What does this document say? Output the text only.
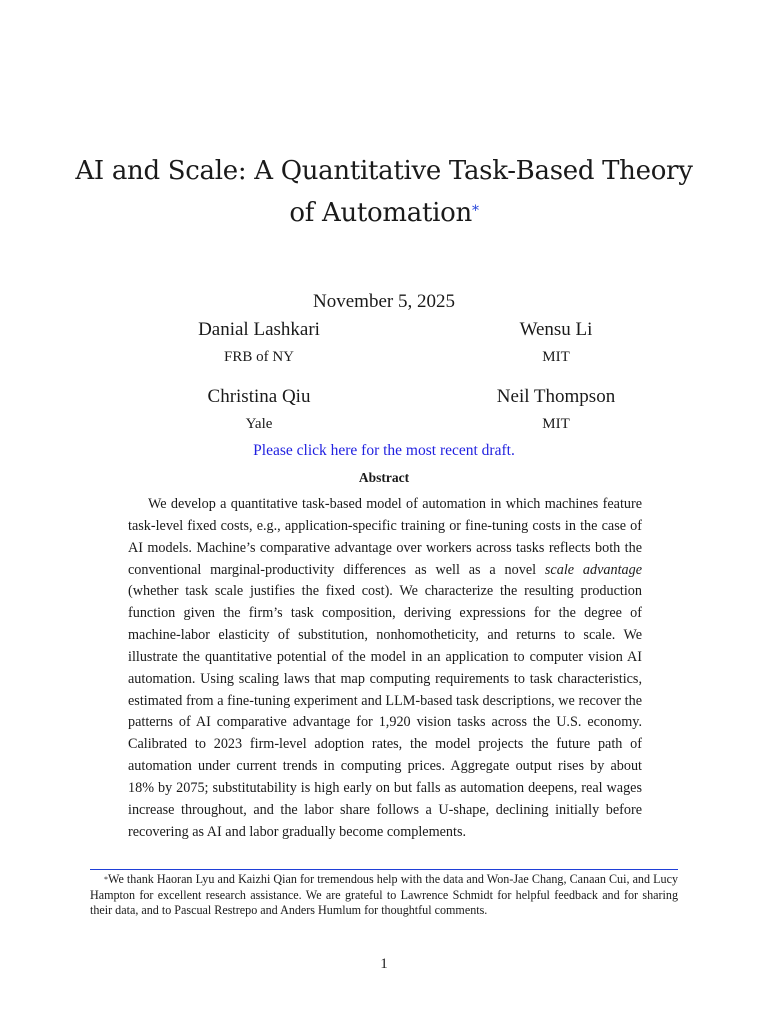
AI and Scale: A Quantitative Task-Based Theory of Automation*
November 5, 2025
Danial Lashkari
FRB of NY
Wensu Li
MIT
Christina Qiu
Yale
Neil Thompson
MIT
Please click here for the most recent draft.
Abstract
We develop a quantitative task-based model of automation in which machines feature task-level fixed costs, e.g., application-specific training or fine-tuning costs in the case of AI models. Machine’s comparative advantage over workers across tasks reflects both the conventional marginal-productivity differences as well as a novel scale advantage (whether task scale justifies the fixed cost). We characterize the resulting production function given the firm’s task composition, deriving expressions for the degree of machine-labor elasticity of substitution, nonhomotheticity, and returns to scale. We illustrate the quantitative potential of the model in an application to computer vision AI automation. Using scaling laws that map computing requirements to task characteristics, estimated from a fine-tuning experiment and LLM-based task descriptions, we recover the patterns of AI comparative advantage for 1,920 vision tasks across the U.S. economy. Calibrated to 2023 firm-level adoption rates, the model projects the future path of automation under current trends in computing prices. Aggregate output rises by about 18% by 2075; substitutability is high early on but falls as automation deepens, real wages increase throughout, and the labor share follows a U-shape, declining initially before recovering as AI and labor gradually become complements.
*We thank Haoran Lyu and Kaizhi Qian for tremendous help with the data and Won-Jae Chang, Canaan Cui, and Lucy Hampton for excellent research assistance. We are grateful to Lawrence Schmidt for helpful feedback and for sharing their data, and to Pascual Restrepo and Anders Humlum for thoughtful comments.
1
